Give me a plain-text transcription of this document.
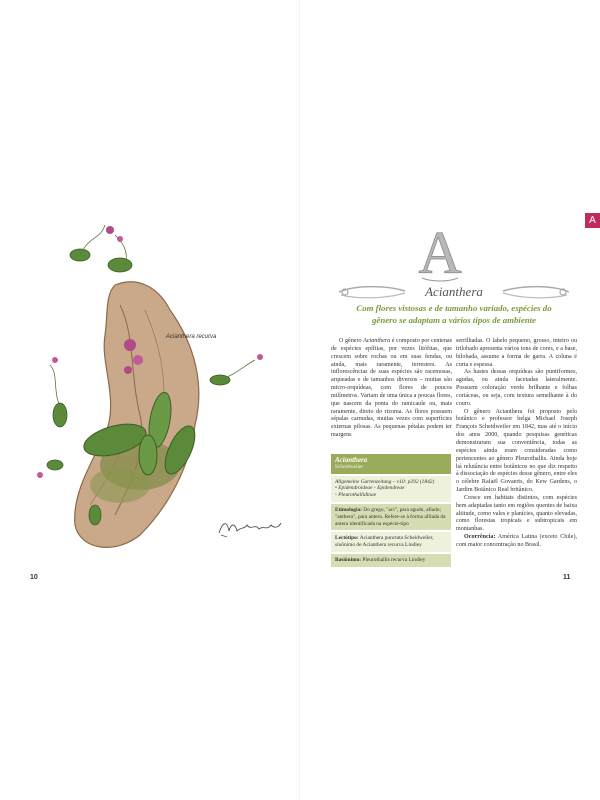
Acianthera recurva
10
A
A
Acianthera
Com flores vistosas e de tamanho variado, espécies do
gênero se adaptam a vários tipos de ambiente

O gênero Acianthera é composto por centenas de espécies epífitas, por vezes litófitas, que crescem sobre rochas ou em suas fendas, ou ainda, mais raramente, terrestres. As inflorescências de suas espécies são racemosas, arqueadas e de tamanhos diversos – muitas são micro-orquídeas, com flores de poucos milímetros. Variam de uma única a poucas flores, que nascem da ponta do ramicaule ou, mais raramente, direto do rizoma. As flores possuem sépalas carnudas, muitas vezes com superfícies externas pilosas. As pequenas pétalas podem ter margens

Acianthera
Scheidweiler
Allgemeine Gartenzeitung – v10: p292 (1842)
• Epidendroideae ◦ Epidendreae
◦ Pleurothallidinae
Etimologia: Do grego, "aci", para agudo, afiado; "anthera", para antera. Refere-se à forma afilada da antera identificada na espécie-tipo
Lectótipo: Acianthera punctata Scheidweiler, sinônimo de Acianthera recurva Lindley
Basiônimo: Pleurothallis recurva Lindley

serrilhadas. O labelo pequeno, grosso, inteiro ou trilobado apresenta vários tons de cores, e a base, bilobada, assume a forma de garra. A coluna é curta e espessa.

As hastes dessas orquídeas são puntiformes, agudas, ou ainda facetadas lateralmente. Possuem coloração verde brilhante e folhas coriáceas, ou seja, com textura semelhante à do couro.

O gênero Acianthera foi proposto pelo botânico e professor belga Michael Joseph François Scheidweiler em 1842, mas até o início dos anos 2000, quando pesquisas genéticas demonstraram sua conveniência, todas as espécies ainda eram consideradas como pertencentes ao gênero Pleurothallis. Ainda hoje há relutância entre botânicos no que diz respeito à dissociação de espécies desse gênero, entre eles o célebre Rafaël Govaerts, do Kew Gardens, o Jardim Botânico Real britânico.

Cresce em habitats distintos, com espécies bem adaptadas tanto em regiões quentes de baixa altitude, como vales e planícies, quanto elevadas, como florestas tropicais e subtropicais em montanhas.

Ocorrência: América Latina (exceto Chile), com maior concentração no Brasil.

11
